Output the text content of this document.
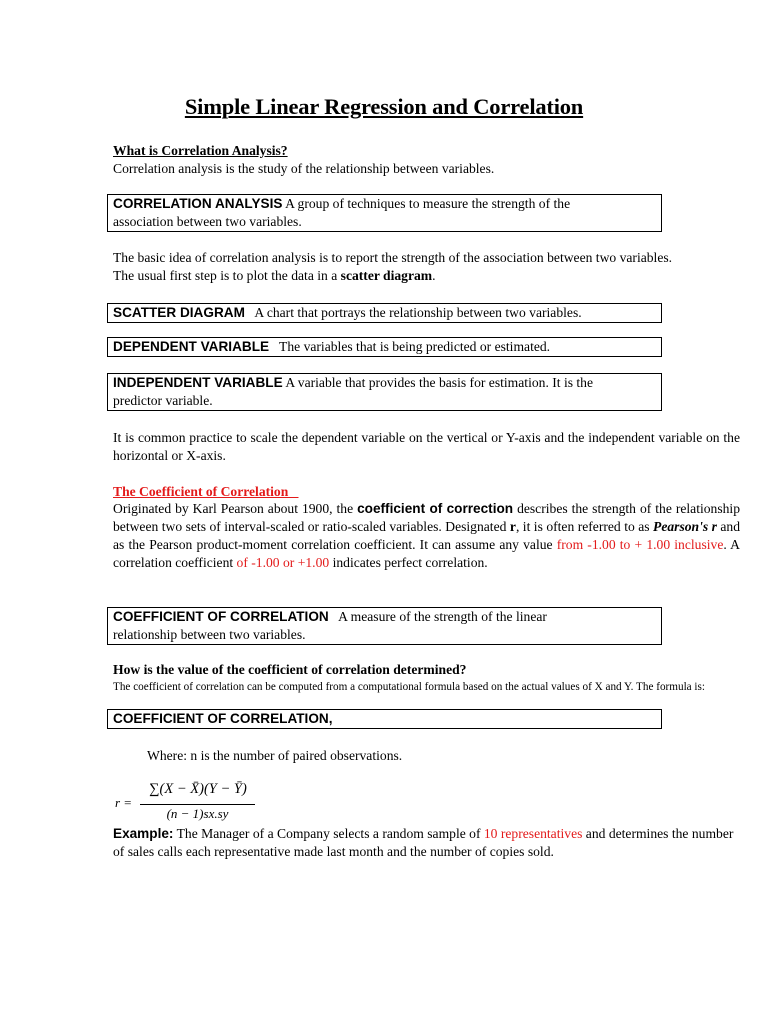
Simple Linear Regression and Correlation
What is Correlation Analysis?
Correlation analysis is the study of the relationship between variables.
CORRELATION ANALYSIS A group of techniques to measure the strength of the
association between two variables.
The basic idea of correlation analysis is to report the strength of the association between two variables.
The usual first step is to plot the data in a scatter diagram.
SCATTER DIAGRAM   A chart that portrays the relationship between two variables.
DEPENDENT VARIABLE   The variables that is being predicted or estimated.
INDEPENDENT VARIABLE A variable that provides the basis for estimation. It is the
predictor variable.
It is common practice to scale the dependent variable on the vertical or Y-axis and the independent variable on the horizontal or X-axis.
The Coefficient of Correlation
Originated by Karl Pearson about 1900, the coefficient of correction describes the strength of the relationship between two sets of interval-scaled or ratio-scaled variables. Designated r, it is often referred to as Pearson's r and as the Pearson product-moment correlation coefficient. It can assume any value from -1.00 to + 1.00 inclusive. A correlation coefficient of -1.00 or +1.00 indicates perfect correlation.
COEFFICIENT OF CORRELATION   A measure of the strength of the linear
relationship between two variables.
How is the value of the coefficient of correlation determined?
The coefficient of correlation can be computed from a computational formula based on the actual values of X and Y. The formula is:
COEFFICIENT OF CORRELATION,
Where: n is the number of paired observations.
r =
∑(X − X̄)(Y − Ȳ)
(n − 1)sx.sy
Example: The Manager of a Company selects a random sample of 10 representatives and determines the number of sales calls each representative made last month and the number of copies sold.
